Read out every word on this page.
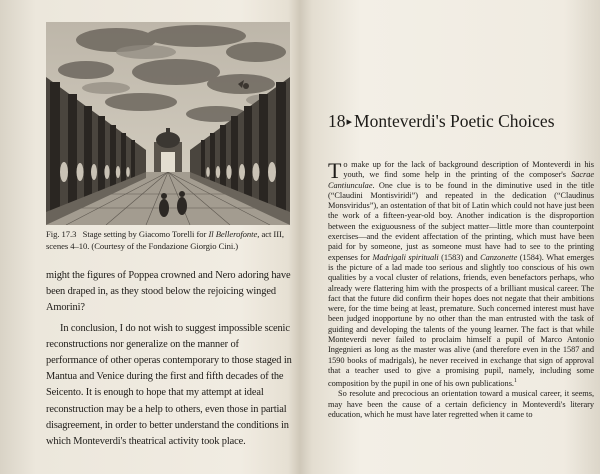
Fig. 17.3 Stage setting by Giacomo Torelli for Il Bellerofonte, act III, scenes 4–10. (Courtesy of the Fondazione Giorgio Cini.)

might the figures of Poppea crowned and Nero adoring have been draped in, as they stood below the rejoicing winged Amorini?

In conclusion, I do not wish to suggest impossible scenic reconstructions nor generalize on the manner of performance of other operas contemporary to those staged in Mantua and Venice during the first and fifth decades of the Seicento. It is enough to hope that my attempt at ideal reconstruction may be a help to others, even those in partial disagreement, in order to better understand the conditions in which Monteverdi's theatrical activity took place.

18▸ Monteverdi's Poetic Choices

To make up for the lack of background description of Monteverdi in his youth, we find some help in the printing of the composer's Sacrae Cantiunculae. One clue is to be found in the diminutive used in the title (“Claudini Montisviridi”) and repeated in the dedication (“Claudinus Monsviridus”), an ostentation of that bit of Latin which could not have just been the work of a fifteen-year-old boy. Another indication is the disproportion between the exiguousness of the subject matter—little more than counterpoint exercises—and the evident affectation of the printing, which must have been paid for by someone, just as someone must have had to see to the printing expenses for Madrigali spirituali (1583) and Canzonette (1584). What emerges is the picture of a lad made too serious and slightly too conscious of his own qualities by a vocal cluster of relations, friends, even benefactors perhaps, who already were flattering him with the prospects of a brilliant musical career. The fact that the future did confirm their hopes does not negate that their ambitions were, for the time being at least, premature. Such concerned interest must have been judged inopportune by no other than the man entrusted with the task of guiding and developing the talents of the young learner. The fact is that while Monteverdi never failed to proclaim himself a pupil of Marco Antonio Ingegnieri as long as the master was alive (and therefore even in the 1587 and 1590 books of madrigals), he never received in exchange that sign of approval that a teacher used to give a promising pupil, namely, including some composition by the pupil in one of his own publications.$^1$

So resolute and precocious an orientation toward a musical career, it seems, may have been the cause of a certain deficiency in Monteverdi's literary education, which he must have later regretted when it came to
